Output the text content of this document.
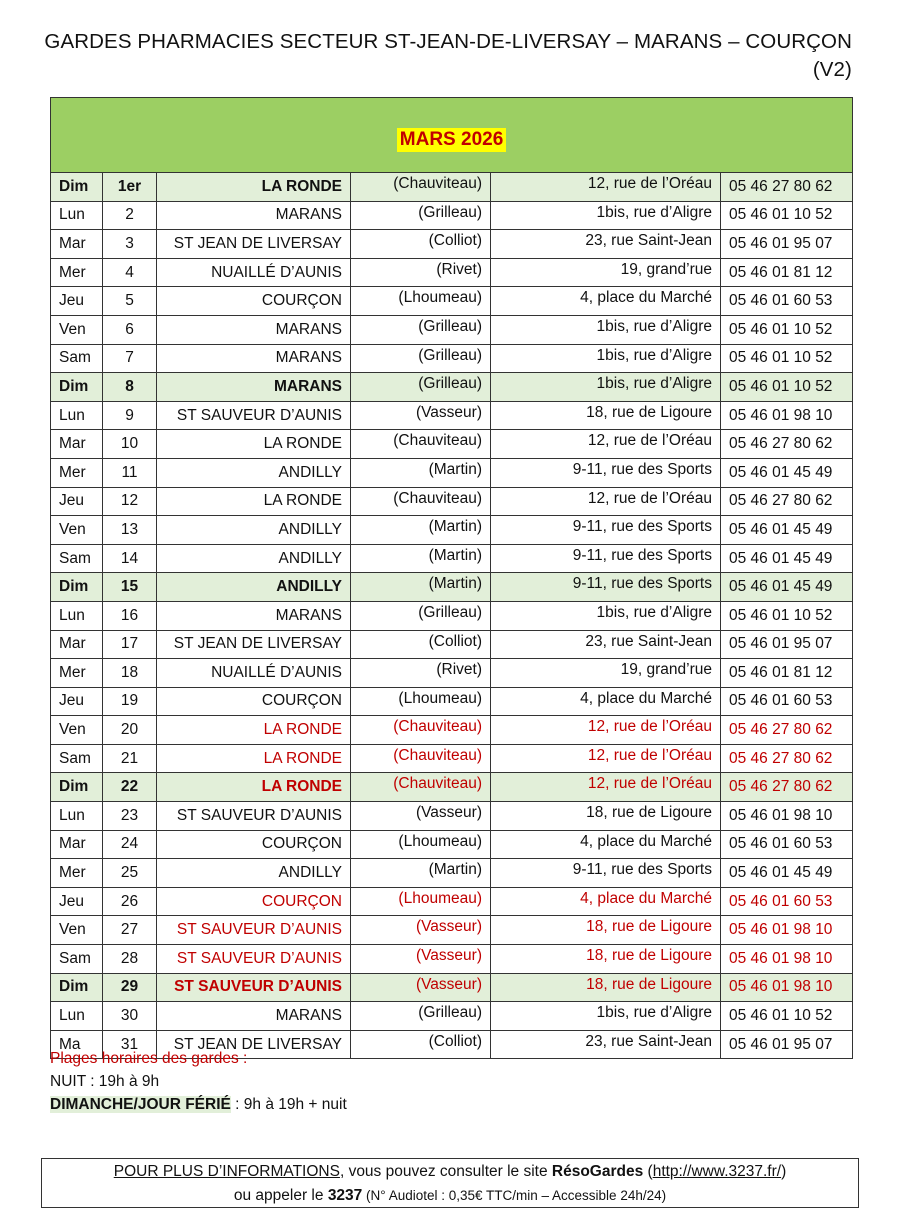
GARDES PHARMACIES SECTEUR ST-JEAN-DE-LIVERSAY – MARANS – COURÇON
(V2)
MARS 2026					
Dim	1er	LA RONDE	(Chauviteau)	12, rue de l’Oréau	05 46 27 80 62
Lun	2	MARANS	(Grilleau)	1bis, rue d’Aligre	05 46 01 10 52
Mar	3	ST JEAN DE LIVERSAY	(Colliot)	23, rue Saint-Jean	05 46 01 95 07
Mer	4	NUAILLÉ D’AUNIS	(Rivet)	19, grand’rue	05 46 01 81 12
Jeu	5	COURÇON	(Lhoumeau)	4, place du Marché	05 46 01 60 53
Ven	6	MARANS	(Grilleau)	1bis, rue d’Aligre	05 46 01 10 52
Sam	7	MARANS	(Grilleau)	1bis, rue d’Aligre	05 46 01 10 52
Dim	8	MARANS	(Grilleau)	1bis, rue d’Aligre	05 46 01 10 52
Lun	9	ST SAUVEUR D’AUNIS	(Vasseur)	18, rue de Ligoure	05 46 01 98 10
Mar	10	LA RONDE	(Chauviteau)	12, rue de l’Oréau	05 46 27 80 62
Mer	11	ANDILLY	(Martin)	9-11, rue des Sports	05 46 01 45 49
Jeu	12	LA RONDE	(Chauviteau)	12, rue de l’Oréau	05 46 27 80 62
Ven	13	ANDILLY	(Martin)	9-11, rue des Sports	05 46 01 45 49
Sam	14	ANDILLY	(Martin)	9-11, rue des Sports	05 46 01 45 49
Dim	15	ANDILLY	(Martin)	9-11, rue des Sports	05 46 01 45 49
Lun	16	MARANS	(Grilleau)	1bis, rue d’Aligre	05 46 01 10 52
Mar	17	ST JEAN DE LIVERSAY	(Colliot)	23, rue Saint-Jean	05 46 01 95 07
Mer	18	NUAILLÉ D’AUNIS	(Rivet)	19, grand’rue	05 46 01 81 12
Jeu	19	COURÇON	(Lhoumeau)	4, place du Marché	05 46 01 60 53
Ven	20	LA RONDE	(Chauviteau)	12, rue de l’Oréau	05 46 27 80 62
Sam	21	LA RONDE	(Chauviteau)	12, rue de l’Oréau	05 46 27 80 62
Dim	22	LA RONDE	(Chauviteau)	12, rue de l’Oréau	05 46 27 80 62
Lun	23	ST SAUVEUR D’AUNIS	(Vasseur)	18, rue de Ligoure	05 46 01 98 10
Mar	24	COURÇON	(Lhoumeau)	4, place du Marché	05 46 01 60 53
Mer	25	ANDILLY	(Martin)	9-11, rue des Sports	05 46 01 45 49
Jeu	26	COURÇON	(Lhoumeau)	4, place du Marché	05 46 01 60 53
Ven	27	ST SAUVEUR D’AUNIS	(Vasseur)	18, rue de Ligoure	05 46 01 98 10
Sam	28	ST SAUVEUR D’AUNIS	(Vasseur)	18, rue de Ligoure	05 46 01 98 10
Dim	29	ST SAUVEUR D’AUNIS	(Vasseur)	18, rue de Ligoure	05 46 01 98 10
Lun	30	MARANS	(Grilleau)	1bis, rue d’Aligre	05 46 01 10 52
Ma	31	ST JEAN DE LIVERSAY	(Colliot)	23, rue Saint-Jean	05 46 01 95 07
Plages horaires des gardes :
NUIT : 19h à 9h
DIMANCHE/JOUR FÉRIÉ : 9h à 19h + nuit
POUR PLUS D’INFORMATIONS, vous pouvez consulter le site RésoGardes (http://www.3237.fr/)
ou appeler le 3237 (N° Audiotel : 0,35€ TTC/min – Accessible 24h/24)
